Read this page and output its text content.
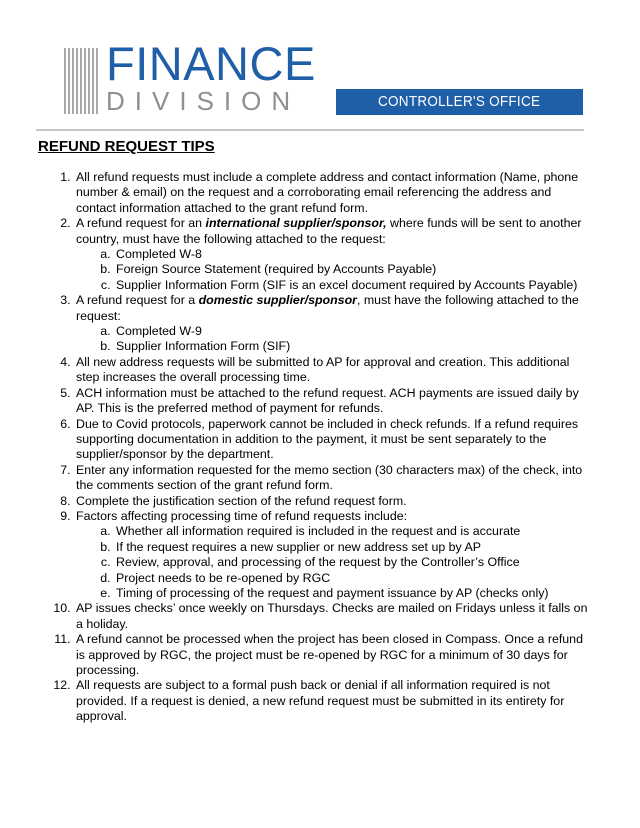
FINANCE
DIVISION	CONTROLLER'S OFFICE
REFUND REQUEST TIPS
1. All refund requests must include a complete address and contact information (Name, phone number & email) on the request and a corroborating email referencing the address and contact information attached to the grant refund form.
2. A refund request for an international supplier/sponsor, where funds will be sent to another country, must have the following attached to the request:
a. Completed W-8
b. Foreign Source Statement (required by Accounts Payable)
c. Supplier Information Form (SIF is an excel document required by Accounts Payable)
3. A refund request for a domestic supplier/sponsor, must have the following attached to the request:
a. Completed W-9
b. Supplier Information Form (SIF)
4. All new address requests will be submitted to AP for approval and creation. This additional step increases the overall processing time.
5. ACH information must be attached to the refund request. ACH payments are issued daily by AP. This is the preferred method of payment for refunds.
6. Due to Covid protocols, paperwork cannot be included in check refunds. If a refund requires supporting documentation in addition to the payment, it must be sent separately to the supplier/sponsor by the department.
7. Enter any information requested for the memo section (30 characters max) of the check, into the comments section of the grant refund form.
8. Complete the justification section of the refund request form.
9. Factors affecting processing time of refund requests include:
a. Whether all information required is included in the request and is accurate
b. If the request requires a new supplier or new address set up by AP
c. Review, approval, and processing of the request by the Controller’s Office
d. Project needs to be re-opened by RGC
e. Timing of processing of the request and payment issuance by AP (checks only)
10. AP issues checks’ once weekly on Thursdays. Checks are mailed on Fridays unless it falls on a holiday.
11. A refund cannot be processed when the project has been closed in Compass. Once a refund is approved by RGC, the project must be re-opened by RGC for a minimum of 30 days for processing.
12. All requests are subject to a formal push back or denial if all information required is not provided. If a request is denied, a new refund request must be submitted in its entirety for approval.
